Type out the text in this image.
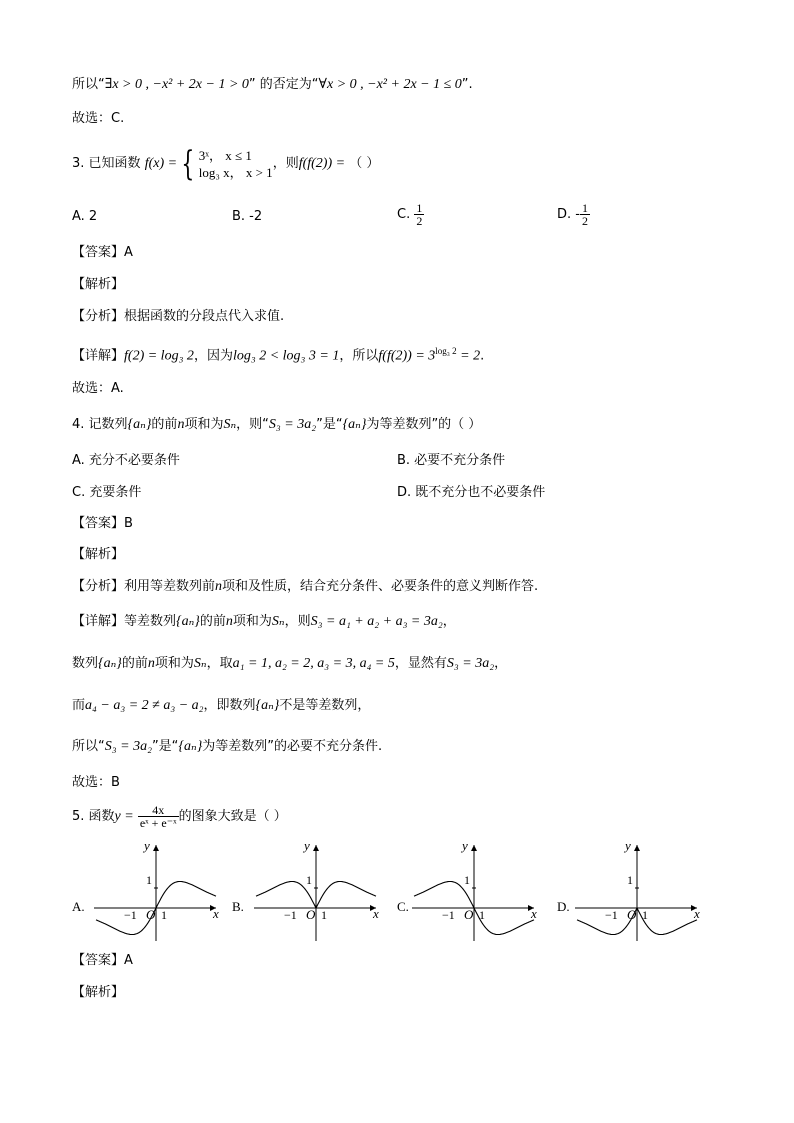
所以“∃x > 0 , −x² + 2x − 1 > 0” 的否定为“∀x > 0 , −x² + 2x − 1 ≤ 0”.
故选：C.
3. 已知函数 f(x) = { 3ˣ， x ≤ 1
log₃ x， x > 1
，则f(f(2)) = （ ）
A. 2	B. -2	C. $\frac{1}{2}$	D. - $\frac{1}{2}$
【答案】A
【解析】
【分析】根据函数的分段点代入求值.
【详解】f(2) = log₃ 2，因为log₃ 2 < log₃ 3 = 1，所以$f(f(2)) = 3^{log_3 2} = 2$.
故选：A.
4. 记数列{aₙ}的前n项和为Sₙ，则“S₃ = 3a₂”是“{aₙ}为等差数列”的（ ）
A. 充分不必要条件	B. 必要不充分条件
C. 充要条件	D. 既不充分也不必要条件
【答案】B
【解析】
【分析】利用等差数列前n项和及性质，结合充分条件、必要条件的意义判断作答.
【详解】等差数列{aₙ}的前n项和为Sₙ，则S₃ = a₁ + a₂ + a₃ = 3a₂，
数列{aₙ}的前n项和为Sₙ，取a₁ = 1, a₂ = 2, a₃ = 3, a₄ = 5，显然有S₃ = 3a₂，
而a₄ − a₃ = 2 ≠ a₃ − a₂，即数列{aₙ}不是等差数列，
所以“S₃ = 3a₂”是“{aₙ}为等差数列”的必要不充分条件.
故选：B
5. 函数$y = \frac{4x}{\text{eˣ + e⁻ˣ}}$ 的图象大致是（ ）
A.	x
y
O 1
−1
1
B.	x
y
O 1
−1
1
C.	x
y
O 1
−1
1
D.	x
y
O 1
−1
1
【答案】A
【解析】
